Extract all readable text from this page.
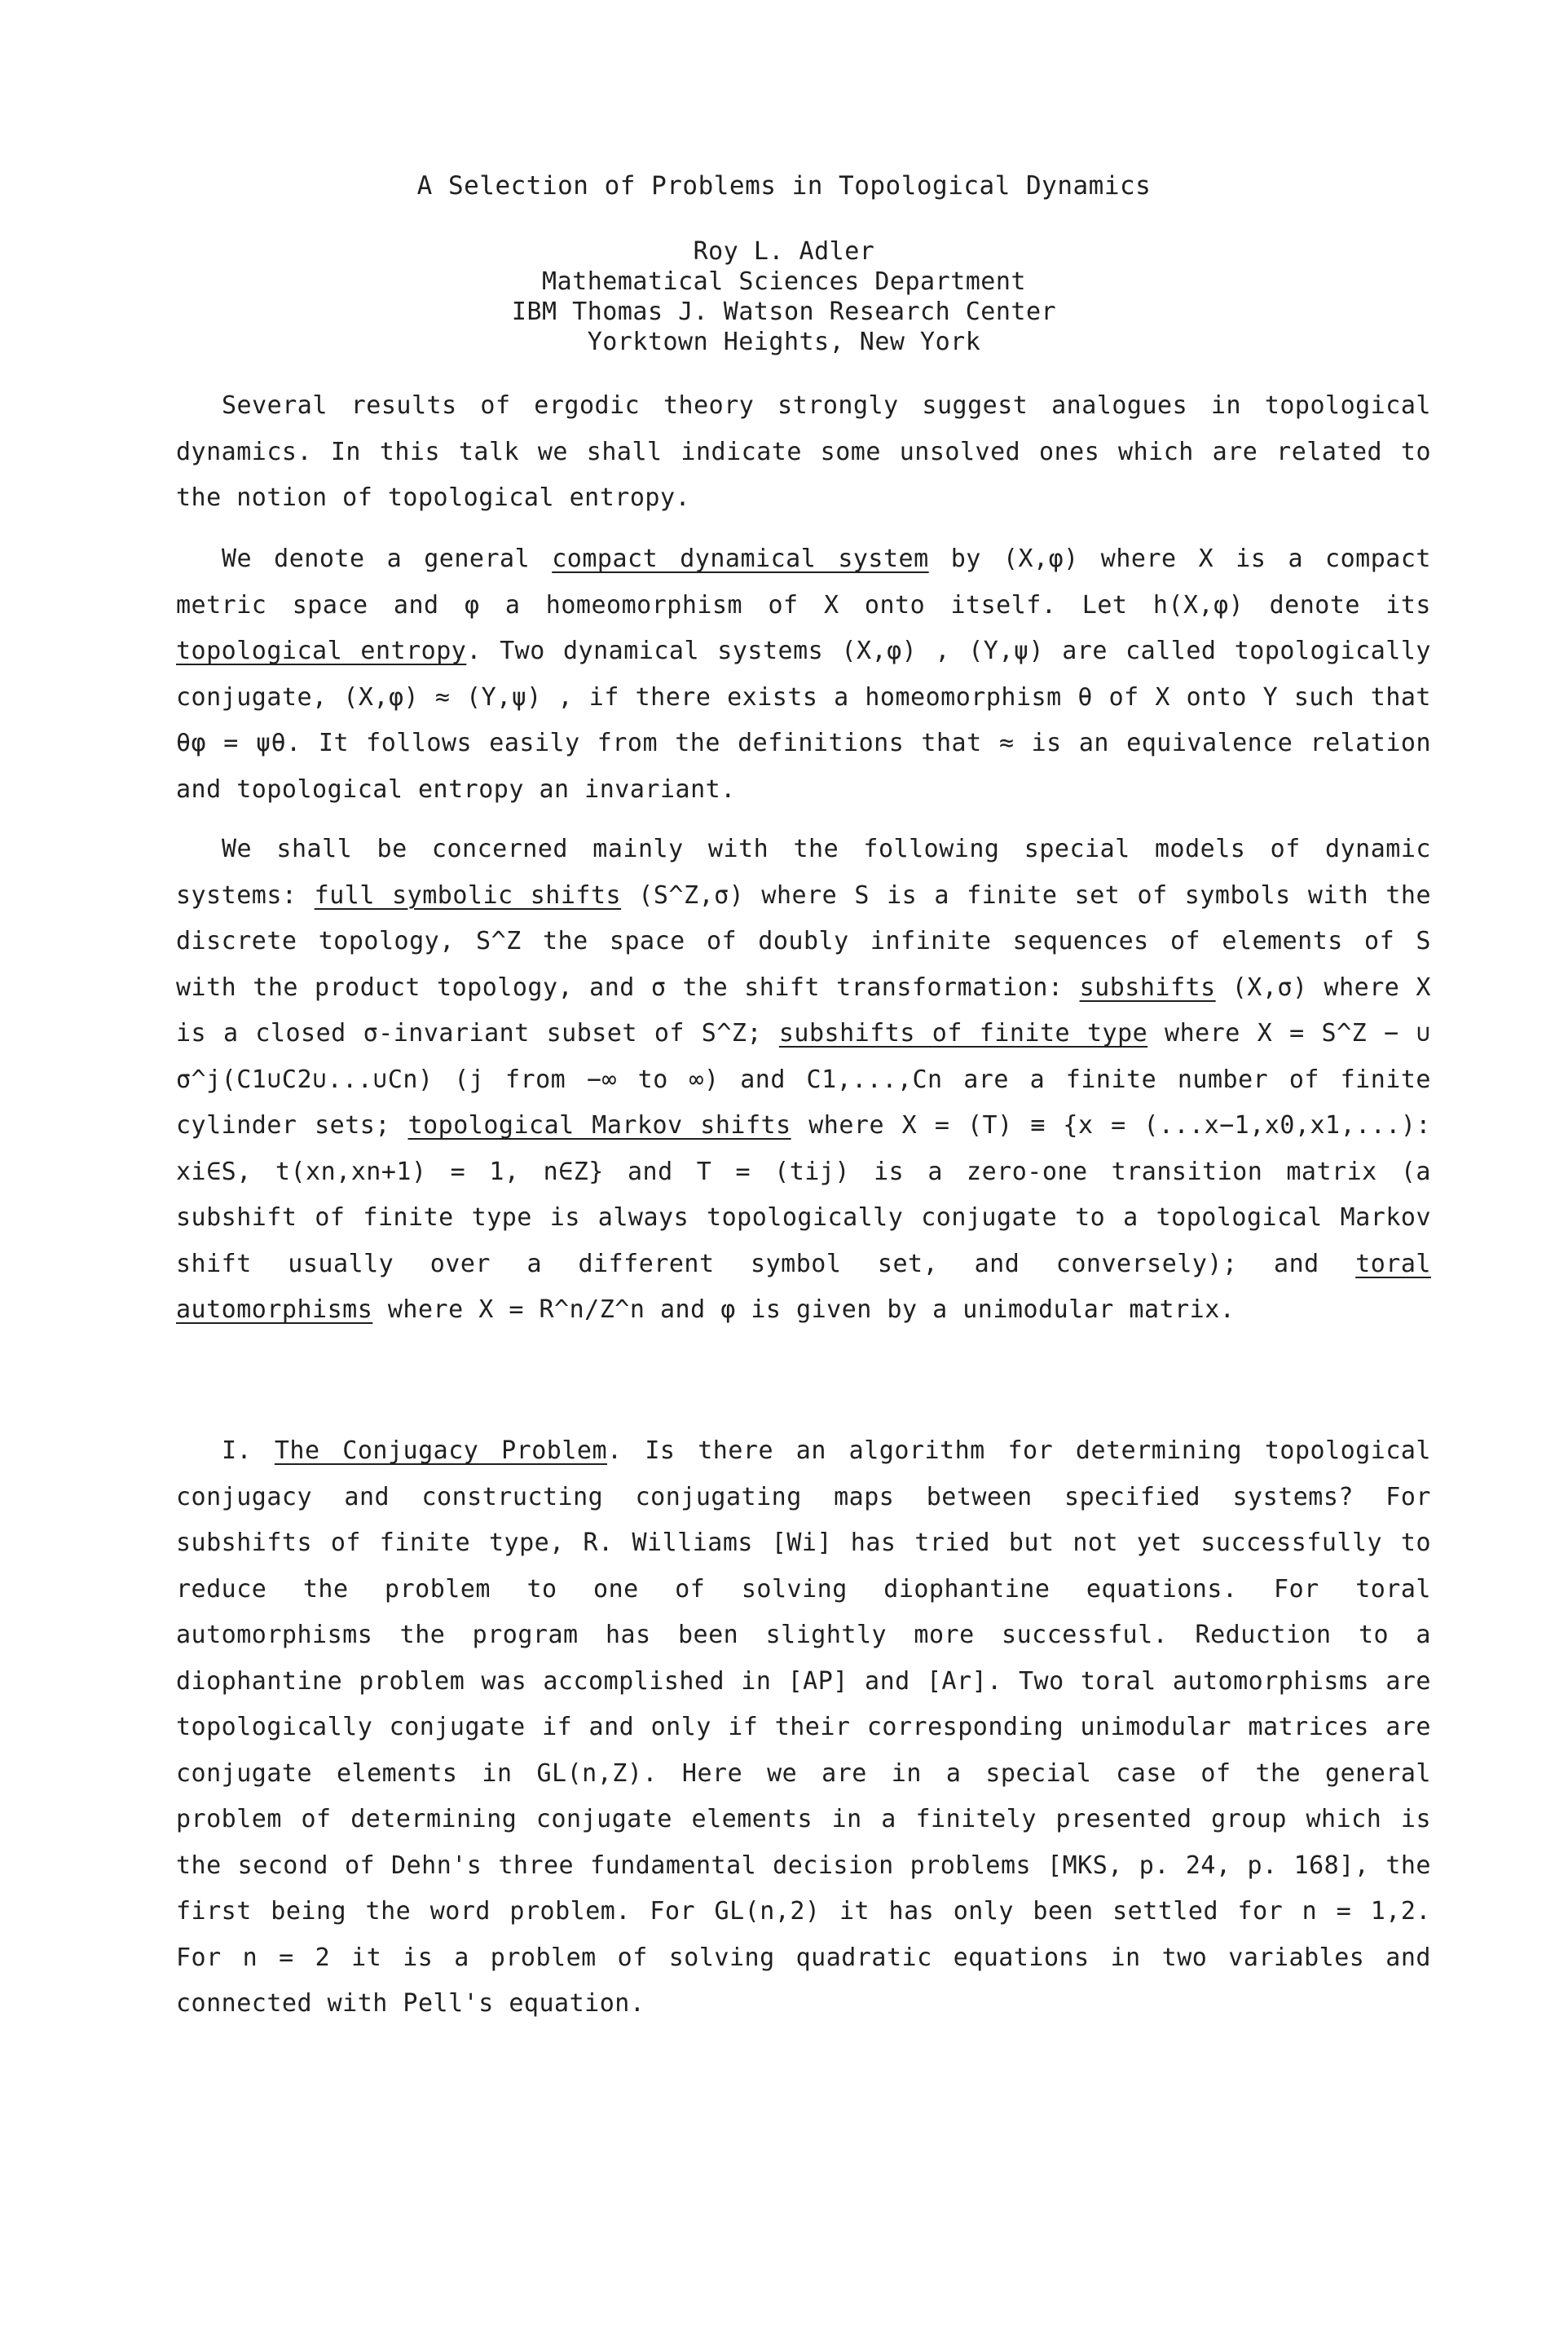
A Selection of Problems in Topological Dynamics
Roy L. Adler
Mathematical Sciences Department
IBM Thomas J. Watson Research Center
Yorktown Heights, New York

Several results of ergodic theory strongly suggest analogues in topological dynamics. In this talk we shall indicate some unsolved ones which are related to the notion of topological entropy.

We denote a general compact dynamical system by (X,φ) where X is a compact metric space and φ a homeomorphism of X onto itself. Let h(X,φ) denote its topological entropy. Two dynamical systems (X,φ) , (Y,ψ) are called topologically conjugate, (X,φ) ≈ (Y,ψ) , if there exists a homeomorphism θ of X onto Y such that θφ = ψθ. It follows easily from the definitions that ≈ is an equivalence relation and topological entropy an invariant.

We shall be concerned mainly with the following special models of dynamic systems: full symbolic shifts (S^Z,σ) where S is a finite set of symbols with the discrete topology, S^Z the space of doubly infinite sequences of elements of S with the product topology, and σ the shift transformation: subshifts (X,σ) where X is a closed σ-invariant subset of S^Z; subshifts of finite type where X = S^Z − ∪ σ^j(C1∪C2∪...∪Cn) (j from −∞ to ∞) and C1,...,Cn are a finite number of finite cylinder sets; topological Markov shifts where X = (T) ≡ {x = (...x−1,x0,x1,...): xi∈S, t(xn,xn+1) = 1, n∈Z} and T = (tij) is a zero-one transition matrix (a subshift of finite type is always topologically conjugate to a topological Markov shift usually over a different symbol set, and conversely); and toral automorphisms where X = R^n/Z^n and φ is given by a unimodular matrix.

I. The Conjugacy Problem. Is there an algorithm for determining topological conjugacy and constructing conjugating maps between specified systems? For subshifts of finite type, R. Williams [Wi] has tried but not yet successfully to reduce the problem to one of solving diophantine equations. For toral automorphisms the program has been slightly more successful. Reduction to a diophantine problem was accomplished in [AP] and [Ar]. Two toral automorphisms are topologically conjugate if and only if their corresponding unimodular matrices are conjugate elements in GL(n,Z). Here we are in a special case of the general problem of determining conjugate elements in a finitely presented group which is the second of Dehn's three fundamental decision problems [MKS, p. 24, p. 168], the first being the word problem. For GL(n,2) it has only been settled for n = 1,2. For n = 2 it is a problem of solving quadratic equations in two variables and connected with Pell's equation.
